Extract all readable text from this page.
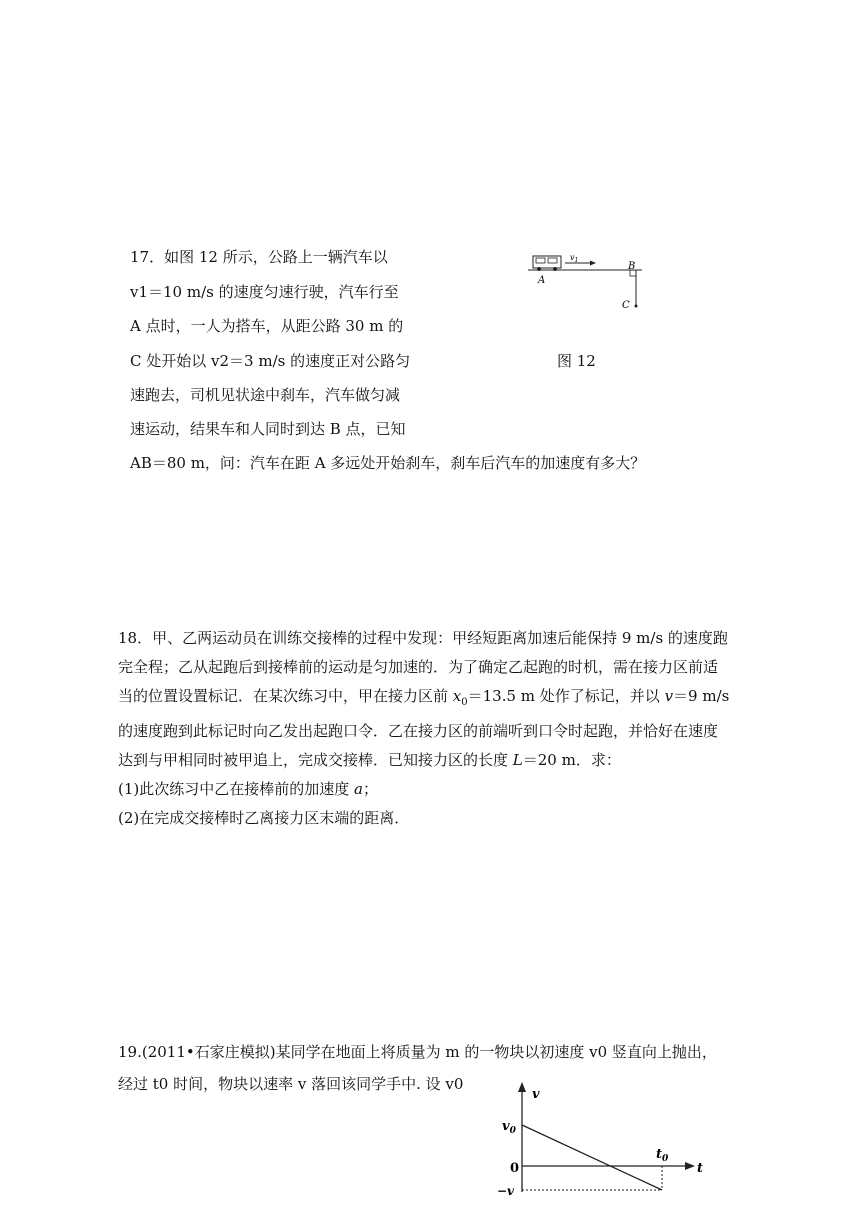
17．如图 12 所示，公路上一辆汽车以
v1＝10 m/s 的速度匀速行驶，汽车行至
A 点时，一人为搭车，从距公路 30 m 的
C 处开始以 v2＝3 m/s 的速度正对公路匀
速跑去，司机见状途中刹车，汽车做匀减
速运动，结果车和人同时到达 B 点，已知
AB＝80 m，问：汽车在距 A 多远处开始刹车，刹车后汽车的加速度有多大？
$v_1$
A
B
C
图 12
18．甲、乙两运动员在训练交接棒的过程中发现：甲经短距离加速后能保持 9 m/s 的速度跑
完全程；乙从起跑后到接棒前的运动是匀加速的．为了确定乙起跑的时机，需在接力区前适
当的位置设置标记．在某次练习中，甲在接力区前 $x_0=13.5$ m 处作了标记，并以 v＝9 m/s
的速度跑到此标记时向乙发出起跑口令．乙在接力区的前端听到口令时起跑，并恰好在速度
达到与甲相同时被甲追上，完成交接棒．已知接力区的长度 L＝20 m．求：
(1)此次练习中乙在接棒前的加速度 a；
(2)在完成交接棒时乙离接力区末端的距离．
19.(2011•石家庄模拟)某同学在地面上将质量为 m 的一物块以初速度 v0 竖直向上抛出，
经过 t0 时间，物块以速率 v 落回该同学手中. 设 v0
v
t
$v_0$
0
−v
$t_0$
